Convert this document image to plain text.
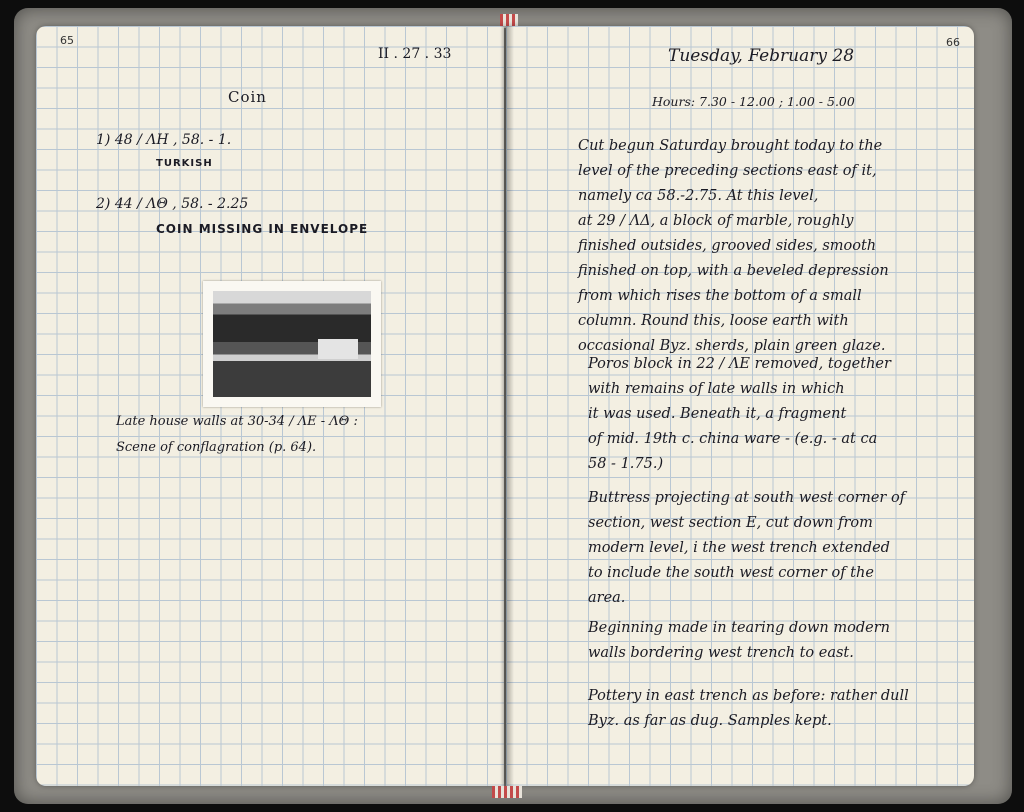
65
II . 27 . 33
Coin
1) 48 / ΛH , 58. - 1.
TURKISH
2) 44 / ΛΘ , 58. - 2.25
COIN MISSING IN ENVELOPE
Late house walls at 30-34 / ΛΕ - ΛΘ :
Scene of conflagration (p. 64).
66
Tuesday, February 28
Hours: 7.30 - 12.00 ; 1.00 - 5.00
Cut begun Saturday brought today to the
level of the preceding sections east of it,
namely ca 58.-2.75. At this level,
at 29 / ΛΔ, a block of marble, roughly
finished outsides, grooved sides, smooth
finished on top, with a beveled depression
from which rises the bottom of a small
column. Round this, loose earth with
occasional Byz. sherds, plain green glaze.
Poros block in 22 / ΛΕ removed, together
with remains of late walls in which
it was used. Beneath it, a fragment
of mid. 19th c. china ware - (e.g. - at ca
58 - 1.75.)
Buttress projecting at south west corner of
section, west section E, cut down from
modern level, i the west trench extended
to include the south west corner of the
area.
Beginning made in tearing down modern
walls bordering west trench to east.
Pottery in east trench as before: rather dull
Byz. as far as dug. Samples kept.
